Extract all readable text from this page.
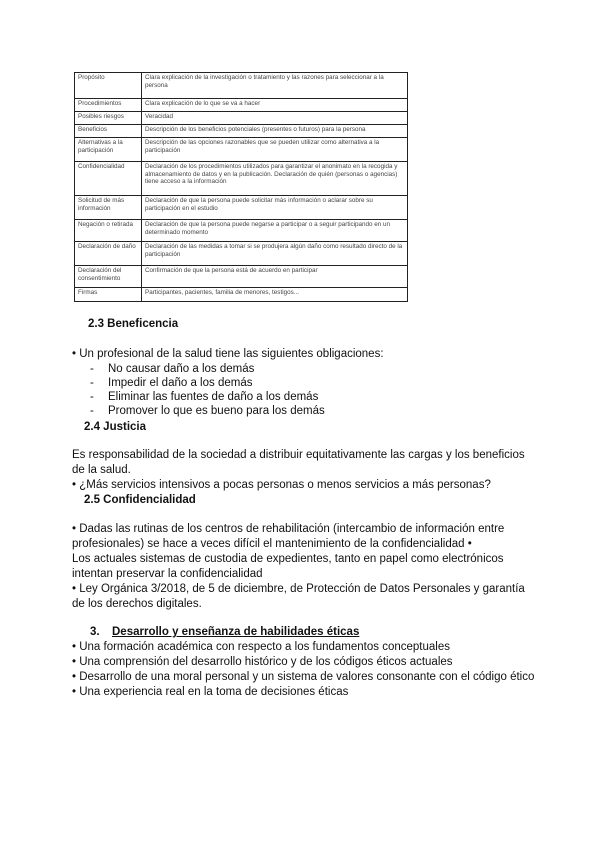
Propósito	Clara explicación de la investigación o tratamiento y las razones para seleccionar a la persona
Procedimientos	Clara explicación de lo que se va a hacer
Posibles riesgos	Veracidad
Beneficios	Descripción de los beneficios potenciales (presentes o futuros) para la persona
Alternativas a la participación	Descripción de las opciones razonables que se pueden utilizar como alternativa a la participación
Confidencialidad	Declaración de los procedimientos utilizados para garantizar el anonimato en la recogida y almacenamiento de datos y en la publicación. Declaración de quién (personas o agencias) tiene acceso a la información
Solicitud de más información	Declaración de que la persona puede solicitar más información o aclarar sobre su participación en el estudio
Negación o retirada	Declaración de que la persona puede negarse a participar o a seguir participando en un determinado momento
Declaración de daño	Declaración de las medidas a tomar si se produjera algún daño como resultado directo de la participación
Declaración del consentimiento	Confirmación de que la persona está de acuerdo en participar
Firmas	Participantes, pacientes, familia de menores, testigos...
2.3 Beneficencia
• Un profesional de la salud tiene las siguientes obligaciones:
- No causar daño a los demás
- Impedir el daño a los demás
- Eliminar las fuentes de daño a los demás
- Promover lo que es bueno para los demás
2.4 Justicia
Es responsabilidad de la sociedad a distribuir equitativamente las cargas y los beneficios de la salud.
• ¿Más servicios intensivos a pocas personas o menos servicios a más personas?
2.5 Confidencialidad
• Dadas las rutinas de los centros de rehabilitación (intercambio de información entre profesionales) se hace a veces difícil el mantenimiento de la confidencialidad •
Los actuales sistemas de custodia de expedientes, tanto en papel como electrónicos intentan preservar la confidencialidad
• Ley Orgánica 3/2018, de 5 de diciembre, de Protección de Datos Personales y garantía de los derechos digitales.
3. Desarrollo y enseñanza de habilidades éticas
• Una formación académica con respecto a los fundamentos conceptuales
• Una comprensión del desarrollo histórico y de los códigos éticos actuales
• Desarrollo de una moral personal y un sistema de valores consonante con el código ético
• Una experiencia real en la toma de decisiones éticas
